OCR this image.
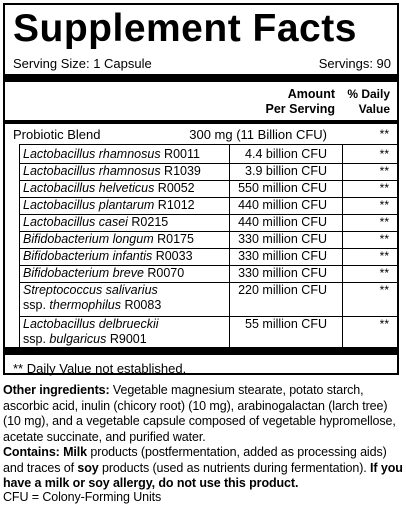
Supplement Facts
Serving Size: 1 Capsule	Servings: 90
Amount
Per Serving
% Daily
Value
Probiotic Blend	300 mg (11 Billion CFU)	**
Lactobacillus rhamnosus R0011	4.4 billion CFU	**
Lactobacillus rhamnosus R1039	3.9 billion CFU	**
Lactobacillus helveticus R0052	550 million CFU	**
Lactobacillus plantarum R1012	440 million CFU	**
Lactobacillus casei R0215	440 million CFU	**
Bifidobacterium longum R0175	330 million CFU	**
Bifidobacterium infantis R0033	330 million CFU	**
Bifidobacterium breve R0070	330 million CFU	**
Streptococcus salivarius
ssp. thermophilus R0083
220 million CFU	**
Lactobacillus delbrueckii
ssp. bulgaricus R9001
55 million CFU	**
** Daily Value not established.
Other ingredients: Vegetable magnesium stearate, potato starch, ascorbic acid, inulin (chicory root) (10 mg), arabinogalactan (larch tree) (10 mg), and a vegetable capsule composed of vegetable hypromellose, acetate succinate, and purified water.
Contains: Milk products (postfermentation, added as processing aids) and traces of soy products (used as nutrients during fermentation). If you have a milk or soy allergy, do not use this product.
CFU = Colony-Forming Units
